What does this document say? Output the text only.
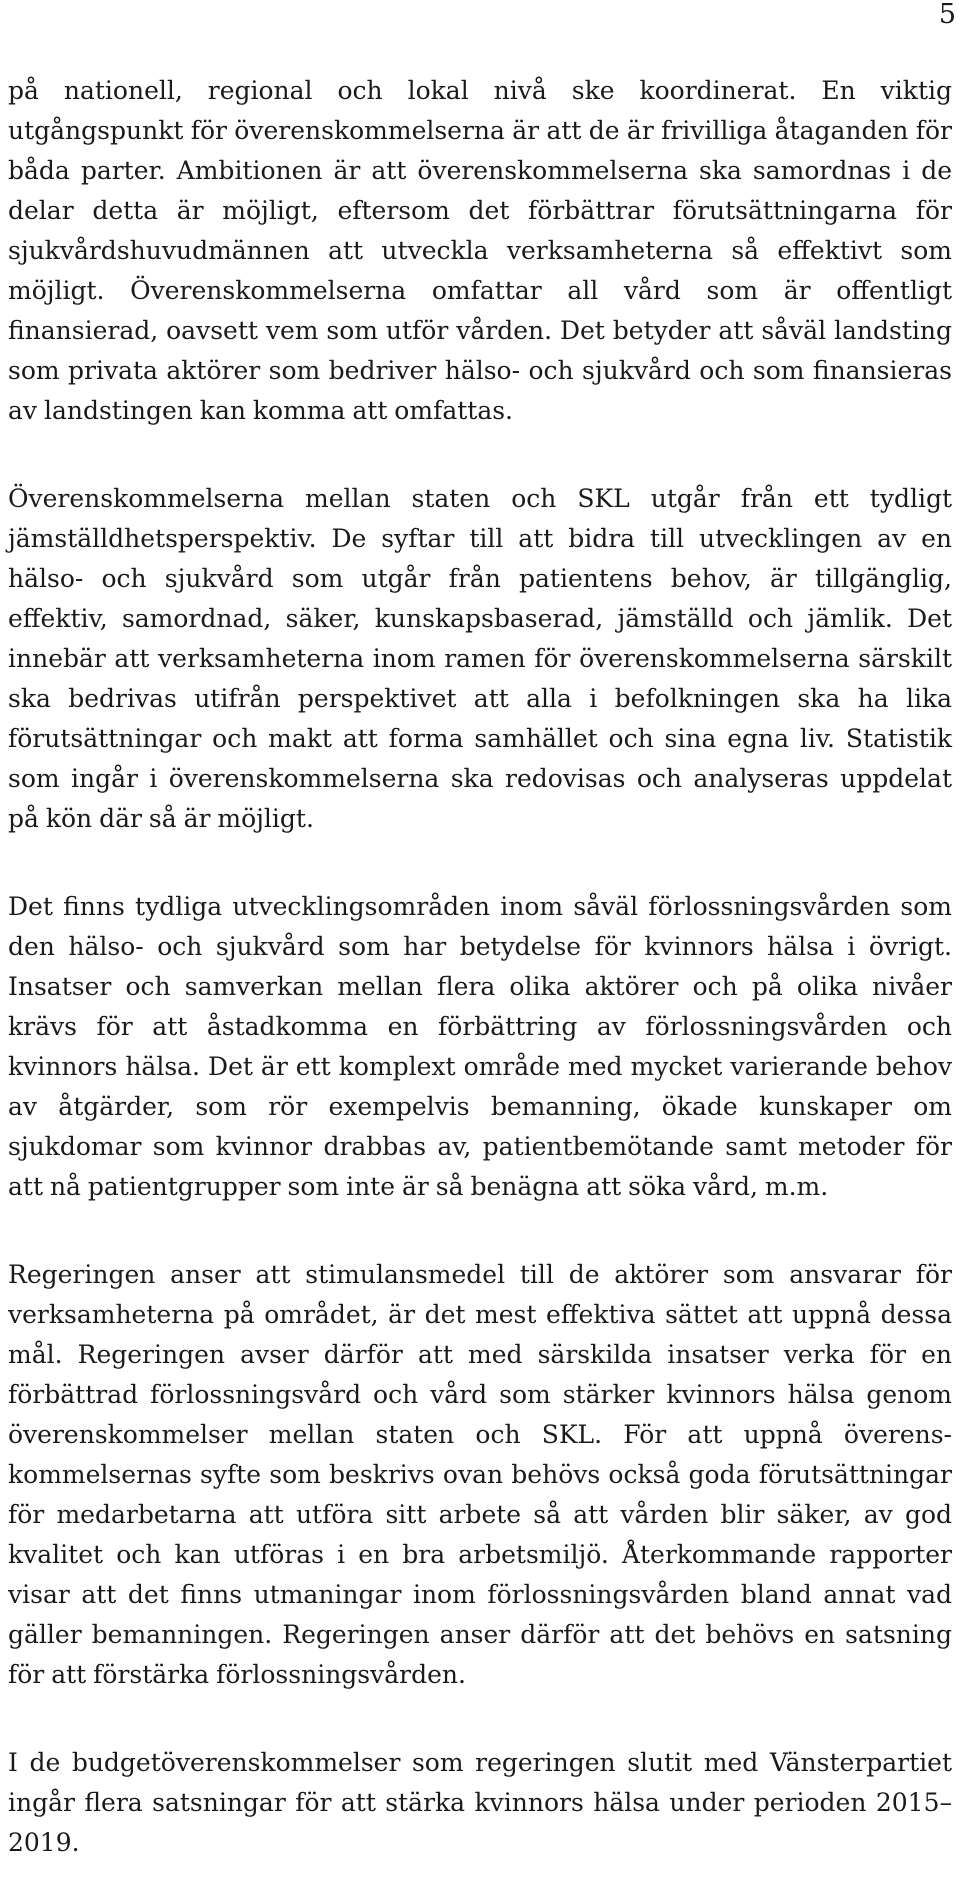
5

på nationell, regional och lokal nivå ske koordinerat. En viktig utgångspunkt för överenskommelserna är att de är frivilliga åtaganden för båda parter. Ambitionen är att överenskommelserna ska samordnas i de delar detta är möjligt, eftersom det förbättrar förutsättningarna för sjukvårdshuvudmännen att utveckla verksamheterna så effektivt som möjligt. Överenskommelserna omfattar all vård som är offentligt finansierad, oavsett vem som utför vården. Det betyder att såväl landsting som privata aktörer som bedriver hälso- och sjukvård och som finansieras av landstingen kan komma att omfattas.

Överenskommelserna mellan staten och SKL utgår från ett tydligt jämställdhetsperspektiv. De syftar till att bidra till utvecklingen av en hälso- och sjukvård som utgår från patientens behov, är tillgänglig, effektiv, samordnad, säker, kunskapsbaserad, jämställd och jämlik. Det innebär att verksamheterna inom ramen för överenskommelserna särskilt ska bedrivas utifrån perspektivet att alla i befolkningen ska ha lika förutsättningar och makt att forma samhället och sina egna liv. Statistik som ingår i överenskommelserna ska redovisas och analyseras uppdelat på kön där så är möjligt.

Det finns tydliga utvecklingsområden inom såväl förlossningsvården som den hälso- och sjukvård som har betydelse för kvinnors hälsa i övrigt. Insatser och samverkan mellan flera olika aktörer och på olika nivåer krävs för att åstadkomma en förbättring av förlossningsvården och kvinnors hälsa. Det är ett komplext område med mycket varierande behov av åtgärder, som rör exempelvis bemanning, ökade kunskaper om sjukdomar som kvinnor drabbas av, patientbemötande samt metoder för att nå patientgrupper som inte är så benägna att söka vård, m.m.

Regeringen anser att stimulansmedel till de aktörer som ansvarar för verksamheterna på området, är det mest effektiva sättet att uppnå dessa mål. Regeringen avser därför att med särskilda insatser verka för en förbättrad förlossningsvård och vård som stärker kvinnors hälsa genom överenskommelser mellan staten och SKL. För att uppnå överenskommelsernas syfte som beskrivs ovan behövs också goda förutsättningar för medarbetarna att utföra sitt arbete så att vården blir säker, av god kvalitet och kan utföras i en bra arbetsmiljö. Återkommande rapporter visar att det finns utmaningar inom förlossningsvården bland annat vad gäller bemanningen. Regeringen anser därför att det behövs en satsning för att förstärka förlossningsvården.

I de budgetöverenskommelser som regeringen slutit med Vänsterpartiet ingår flera satsningar för att stärka kvinnors hälsa under perioden 2015–2019.
